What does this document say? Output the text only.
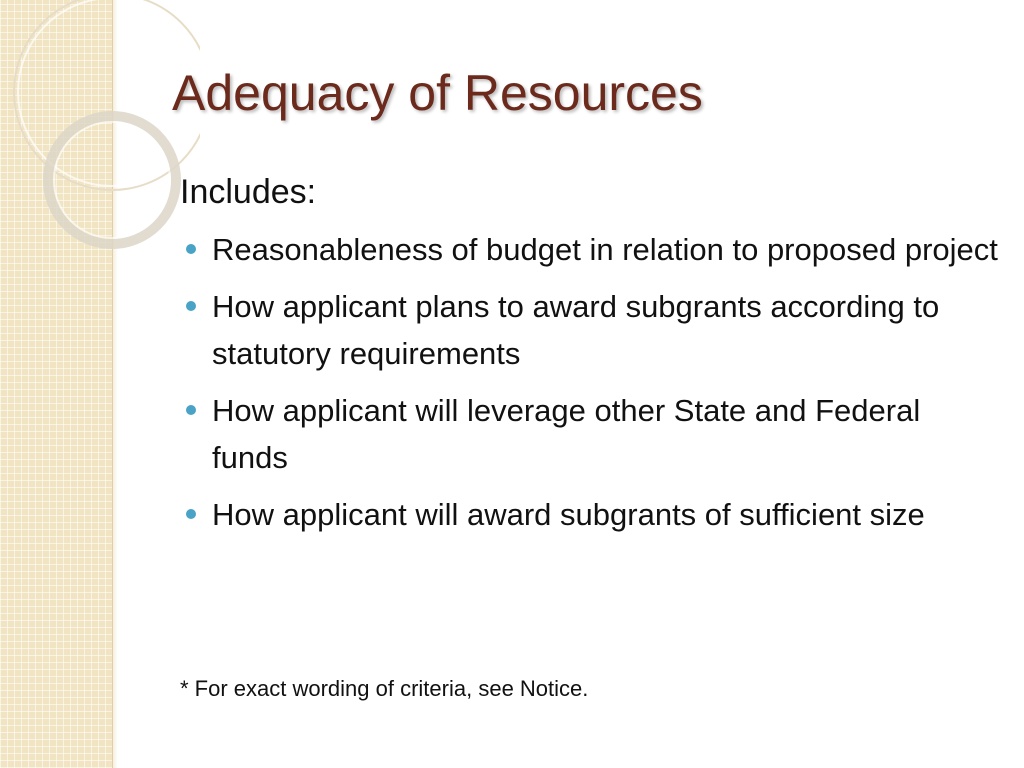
Adequacy of Resources

Includes:

Reasonableness of budget in relation to proposed project
How applicant plans to award subgrants according to statutory requirements
How applicant will leverage other State and Federal funds
How applicant will award subgrants of sufficient size

* For exact wording of criteria, see Notice.
